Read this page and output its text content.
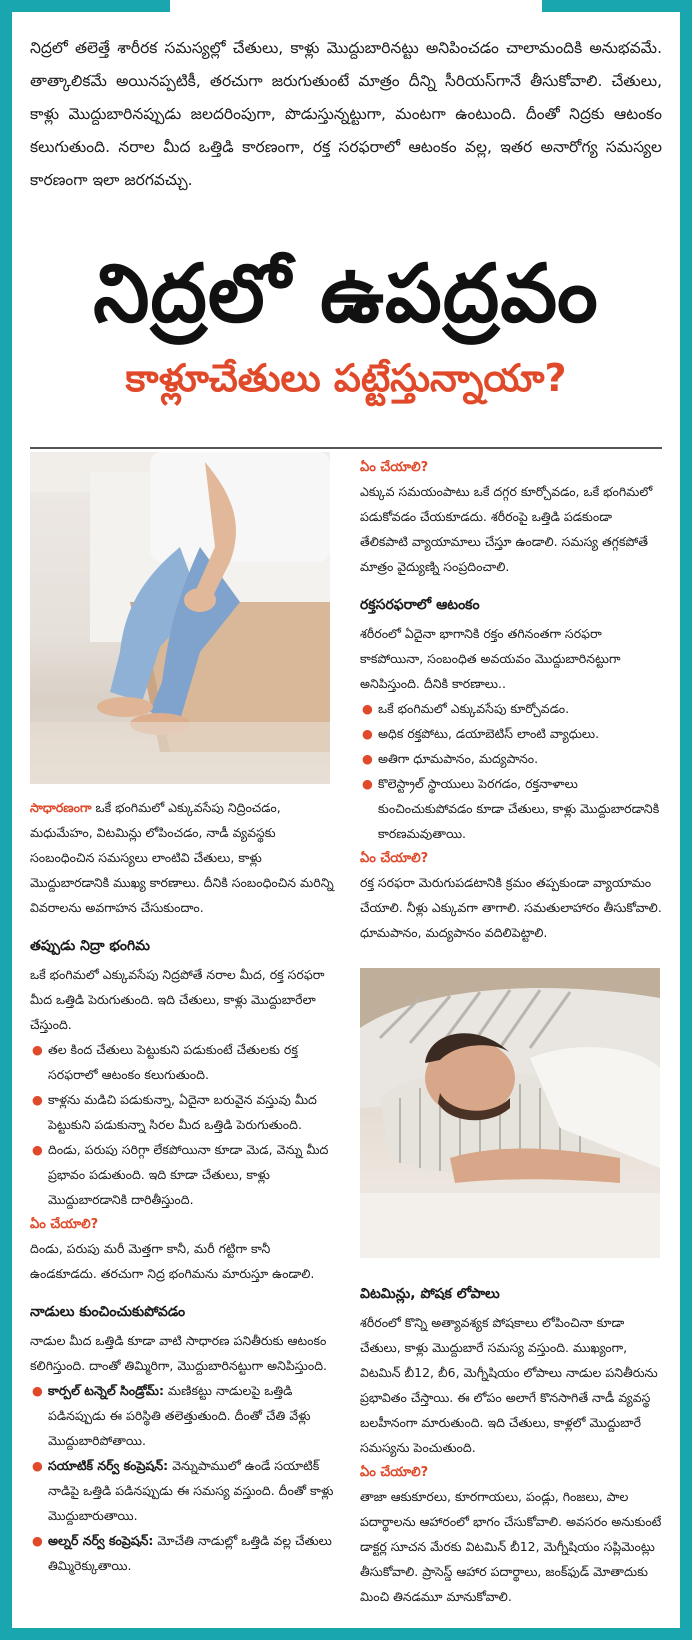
నిద్రలో తలెత్తే శారీరక సమస్యల్లో చేతులు, కాళ్లు మొద్దుబారినట్టు అనిపించడం చాలామందికి అనుభవమే. తాత్కాలికమే అయినప్పటికీ, తరచుగా జరుగుతుంటే మాత్రం దీన్ని సీరియస్‌గానే తీసుకోవాలి. చేతులు, కాళ్లు మొద్దుబారినప్పుడు జలదరింపుగా, పొడుస్తున్నట్టుగా, మంటగా ఉంటుంది. దీంతో నిద్రకు ఆటంకం కలుగుతుంది. నరాల మీద ఒత్తిడి కారణంగా, రక్త సరఫరాలో ఆటంకం వల్ల, ఇతర అనారోగ్య సమస్యల కారణంగా ఇలా జరగవచ్చు.

నిద్రలో ఉపద్రవం
కాళ్లూచేతులు పట్టేస్తున్నాయా?

సాధారణంగా ఒకే భంగిమలో ఎక్కువసేపు నిద్రించడం, మధుమేహం, విటమిన్లు లోపించడం, నాడీ వ్యవస్థకు సంబంధించిన సమస్యలు లాంటివి చేతులు, కాళ్లు మొద్దుబారడానికి ముఖ్య కారణాలు. దీనికి సంబంధించిన మరిన్ని వివరాలను అవగాహన చేసుకుందాం.

తప్పుడు నిద్రా భంగిమ

ఒకే భంగిమలో ఎక్కువసేపు నిద్రపోతే నరాల మీద, రక్త సరఫరా మీద ఒత్తిడి పెరుగుతుంది. ఇది చేతులు, కాళ్లు మొద్దుబారేలా చేస్తుంది.

● తల కింద చేతులు పెట్టుకుని పడుకుంటే చేతులకు రక్త సరఫరాలో ఆటంకం కలుగుతుంది.
● కాళ్లను మడిచి పడుకున్నా, ఏదైనా బరువైన వస్తువు మీద పెట్టుకుని పడుకున్నా సిరల మీద ఒత్తిడి పెరుగుతుంది.
● దిండు, పరుపు సరిగ్గా లేకపోయినా కూడా మెడ, వెన్ను మీద ప్రభావం పడుతుంది. ఇది కూడా చేతులు, కాళ్లు మొద్దుబారడానికి దారితీస్తుంది.
ఏం చేయాలి?

దిండు, పరుపు మరీ మెత్తగా కానీ, మరీ గట్టిగా కానీ ఉండకూడదు. తరచుగా నిద్ర భంగిమను మారుస్తూ ఉండాలి.

నాడులు కుంచించుకుపోవడం

నాడుల మీద ఒత్తిడి కూడా వాటి సాధారణ పనితీరుకు ఆటంకం కలిగిస్తుంది. దాంతో తిమ్మిరిగా, మొద్దుబారినట్టుగా అనిపిస్తుంది.

● కార్పల్ టన్నెల్ సిండ్రోమ్: మణికట్టు నాడులపై ఒత్తిడి పడినప్పుడు ఈ పరిస్థితి తలెత్తుతుంది. దీంతో చేతి వేళ్లు మొద్దుబారిపోతాయి.
● సయాటిక్ నర్వ్ కంప్రెషన్: వెన్నుపాములో ఉండే సయాటిక్ నాడిపై ఒత్తిడి పడినప్పుడు ఈ సమస్య వస్తుంది. దీంతో కాళ్లు మొద్దుబారుతాయి.
● అల్నర్ నర్వ్ కంప్రెషన్: మోచేతి నాడుల్లో ఒత్తిడి వల్ల చేతులు తిమ్మిరెక్కుతాయి.
ఏం చేయాలి?

ఎక్కువ సమయంపాటు ఒకే దగ్గర కూర్చోవడం, ఒకే భంగిమలో పడుకోవడం చేయకూడదు. శరీరంపై ఒత్తిడి పడకుండా తేలికపాటి వ్యాయామాలు చేస్తూ ఉండాలి. సమస్య తగ్గకపోతే మాత్రం వైద్యుణ్ని సంప్రదించాలి.

రక్తసరఫరాలో ఆటంకం

శరీరంలో ఏదైనా భాగానికి రక్తం తగినంతగా సరఫరా కాకపోయినా, సంబంధిత అవయవం మొద్దుబారినట్టుగా అనిపిస్తుంది. దీనికి కారణాలు..

● ఒకే భంగిమలో ఎక్కువసేపు కూర్చోవడం.
● అధిక రక్తపోటు, డయాబెటిస్ లాంటి వ్యాధులు.
● అతిగా ధూమపానం, మద్యపానం.
● కొలెస్ట్రాల్ స్థాయులు పెరగడం, రక్తనాళాలు కుంచించుకుపోవడం కూడా చేతులు, కాళ్లు మొద్దుబారడానికి కారణమవుతాయి.
ఏం చేయాలి?

రక్త సరఫరా మెరుగుపడటానికి క్రమం తప్పకుండా వ్యాయామం చేయాలి. నీళ్లు ఎక్కువగా తాగాలి. సమతులాహారం తీసుకోవాలి. ధూమపానం, మద్యపానం వదిలిపెట్టాలి.

విటమిన్లు, పోషక లోపాలు

శరీరంలో కొన్ని అత్యావశ్యక పోషకాలు లోపించినా కూడా చేతులు, కాళ్లు మొద్దుబారే సమస్య వస్తుంది. ముఖ్యంగా, విటమిన్ బీ12, బీ6, మెగ్నీషియం లోపాలు నాడుల పనితీరును ప్రభావితం చేస్తాయి. ఈ లోపం అలాగే కొనసాగితే నాడీ వ్యవస్థ బలహీనంగా మారుతుంది. ఇది చేతులు, కాళ్లలో మొద్దుబారే సమస్యను పెంచుతుంది.

ఏం చేయాలి?

తాజా ఆకుకూరలు, కూరగాయలు, పండ్లు, గింజలు, పాల పదార్థాలను ఆహారంలో భాగం చేసుకోవాలి. అవసరం అనుకుంటే డాక్టర్ల సూచన మేరకు విటమిన్ బీ12, మెగ్నీషియం సప్లిమెంట్లు తీసుకోవాలి. ప్రాసెస్డ్ ఆహార పదార్థాలు, జంక్‌ఫుడ్ మోతాదుకు మించి తినడమూ మానుకోవాలి.
